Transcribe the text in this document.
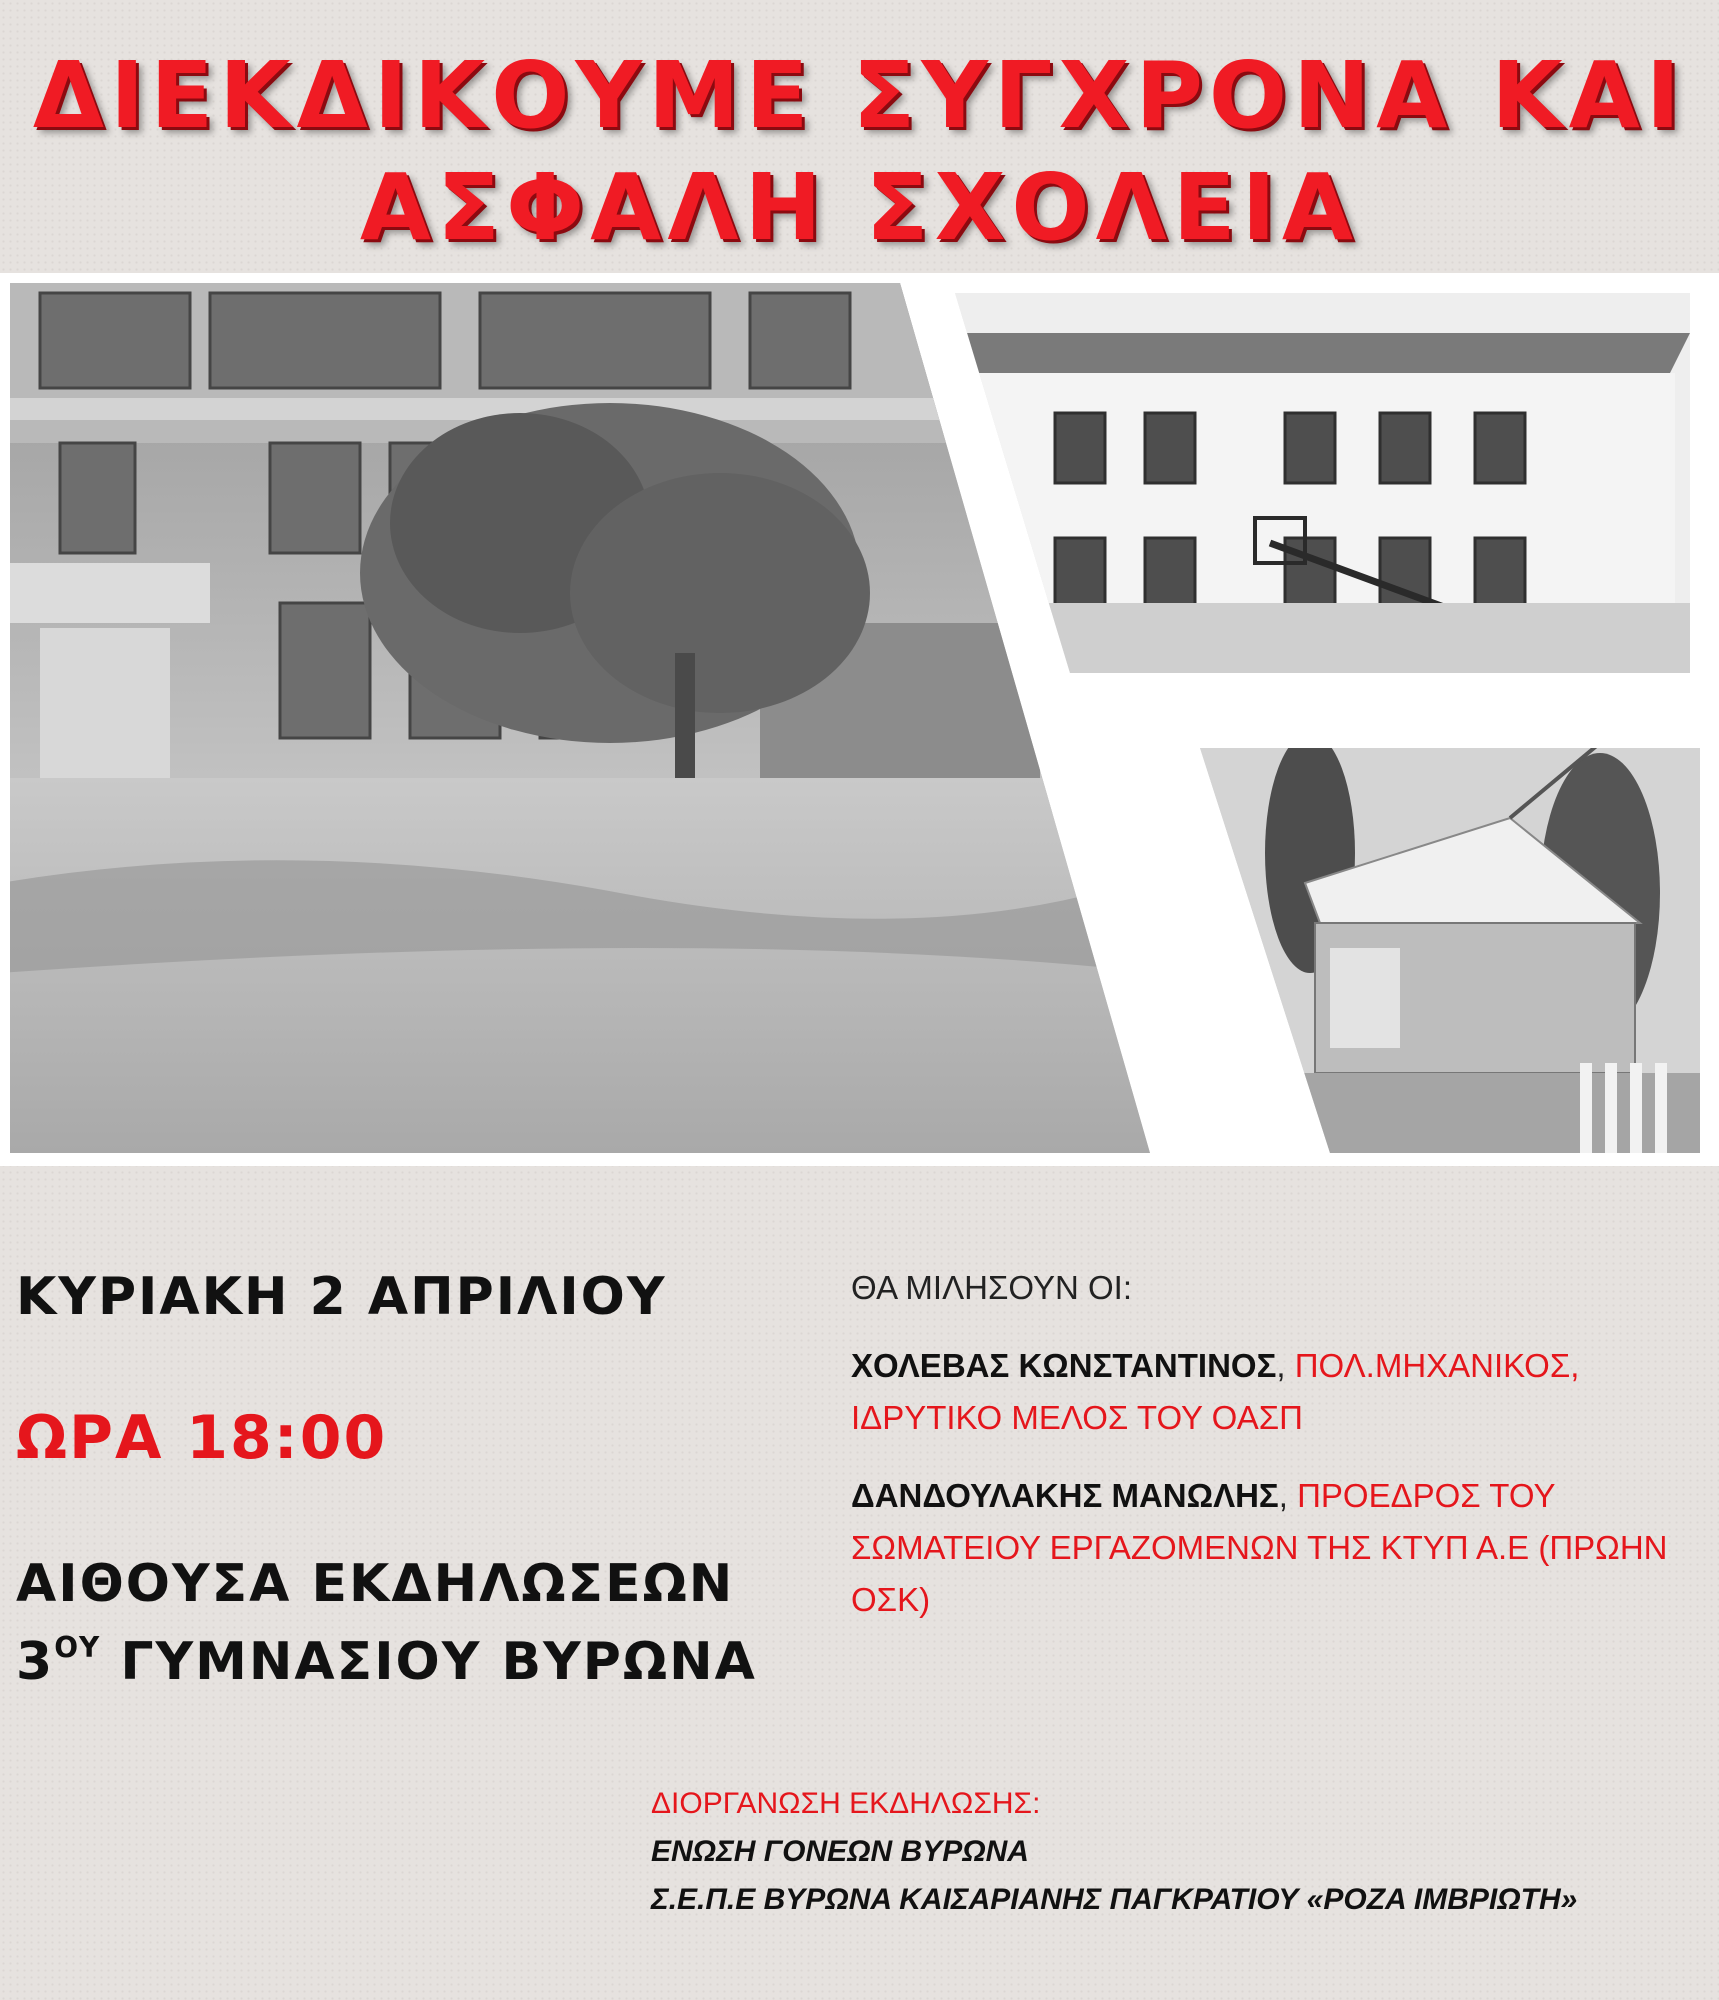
ΔΙΕΚΔΙΚΟΥΜΕ ΣΥΓΧΡΟΝΑ ΚΑΙ
ΑΣΦΑΛΗ ΣΧΟΛΕΙΑ
ΚΥΡΙΑΚΗ 2 ΑΠΡΙΛΙΟΥ
ΩΡΑ 18:00
ΑΙΘΟΥΣΑ ΕΚΔΗΛΩΣΕΩΝ
$3^{O\Upsilon}$ ΓΥΜΝΑΣΙΟΥ ΒΥΡΩΝΑ
ΘΑ ΜΙΛΗΣΟΥΝ ΟΙ:
ΧΟΛΕΒΑΣ ΚΩΝΣΤΑΝΤΙΝΟΣ, ΠΟΛ.ΜΗΧΑΝΙΚΟΣ, ΙΔΡΥΤΙΚΟ ΜΕΛΟΣ ΤΟΥ ΟΑΣΠ
ΔΑΝΔΟΥΛΑΚΗΣ ΜΑΝΩΛΗΣ, ΠΡΟΕΔΡΟΣ ΤΟΥ ΣΩΜΑΤΕΙΟΥ ΕΡΓΑΖΟΜΕΝΩΝ ΤΗΣ ΚΤΥΠ Α.Ε (ΠΡΩΗΝ ΟΣΚ)
ΔΙΟΡΓΑΝΩΣΗ ΕΚΔΗΛΩΣΗΣ:
ΕΝΩΣΗ ΓΟΝΕΩΝ ΒΥΡΩΝΑ
Σ.Ε.Π.Ε ΒΥΡΩΝΑ ΚΑΙΣΑΡΙΑΝΗΣ ΠΑΓΚΡΑΤΙΟΥ «ΡΟΖΑ ΙΜΒΡΙΩΤΗ»
